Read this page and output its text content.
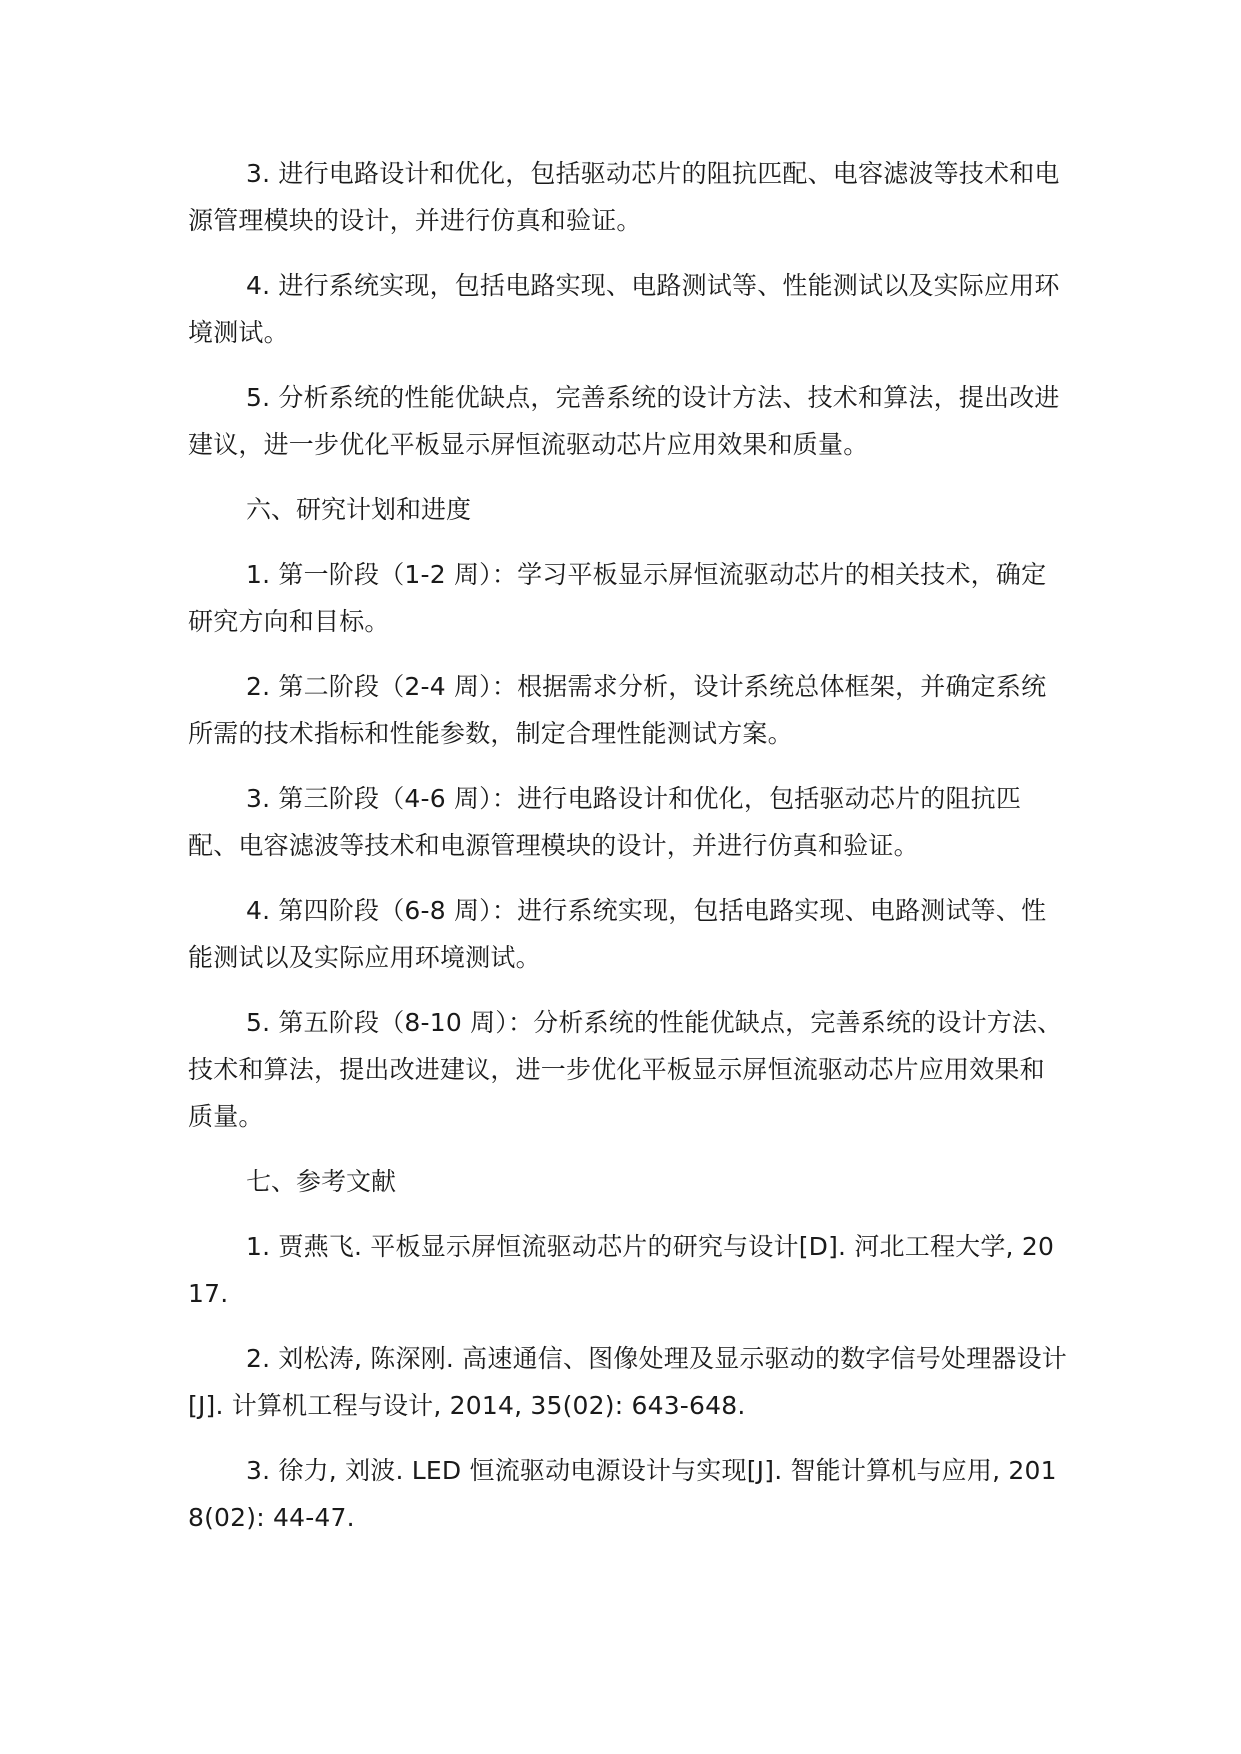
3. 进行电路设计和优化，包括驱动芯片的阻抗匹配、电容滤波等技术和电源管理模块的设计，并进行仿真和验证。

4. 进行系统实现，包括电路实现、电路测试等、性能测试以及实际应用环境测试。

5. 分析系统的性能优缺点，完善系统的设计方法、技术和算法，提出改进建议，进一步优化平板显示屏恒流驱动芯片应用效果和质量。

六、研究计划和进度

1. 第一阶段（1-2 周）：学习平板显示屏恒流驱动芯片的相关技术，确定研究方向和目标。

2. 第二阶段（2-4 周）：根据需求分析，设计系统总体框架，并确定系统所需的技术指标和性能参数，制定合理性能测试方案。

3. 第三阶段（4-6 周）：进行电路设计和优化，包括驱动芯片的阻抗匹配、电容滤波等技术和电源管理模块的设计，并进行仿真和验证。

4. 第四阶段（6-8 周）：进行系统实现，包括电路实现、电路测试等、性能测试以及实际应用环境测试。

5. 第五阶段（8-10 周）：分析系统的性能优缺点，完善系统的设计方法、技术和算法，提出改进建议，进一步优化平板显示屏恒流驱动芯片应用效果和质量。

七、参考文献

1. 贾燕飞. 平板显示屏恒流驱动芯片的研究与设计[D]. 河北工程大学, 2017.

2. 刘松涛, 陈深刚. 高速通信、图像处理及显示驱动的数字信号处理器设计[J]. 计算机工程与设计, 2014, 35(02): 643-648.

3. 徐力, 刘波. LED 恒流驱动电源设计与实现[J]. 智能计算机与应用, 2018(02): 44-47.
